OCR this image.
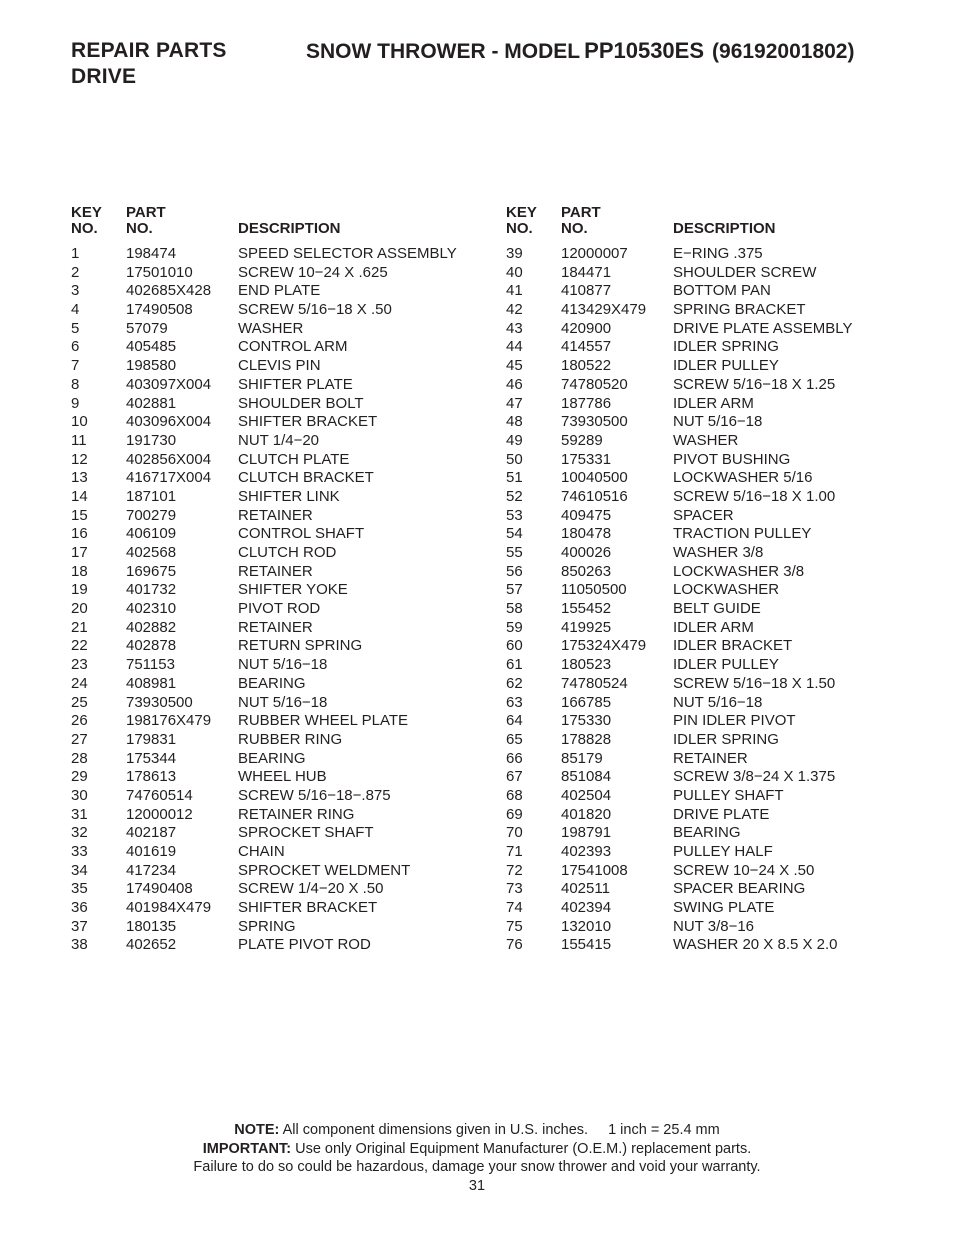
REPAIR PARTS
DRIVE
SNOW THROWER - MODEL PP10530ES (96192001802)
KEY
NO.
PART
NO.	DESCRIPTION
1	198474	SPEED SELECTOR ASSEMBLY
2	17501010	SCREW 10−24 X .625
3	402685X428 END PLATE
4	17490508	SCREW 5/16−18 X .50
5	57079	WASHER
6	405485	CONTROL ARM
7	198580	CLEVIS PIN
8	403097X004 SHIFTER PLATE
9	402881	SHOULDER BOLT
10	403096X004 SHIFTER BRACKET
11	191730	NUT 1/4−20
12	402856X004 CLUTCH PLATE
13	416717X004 CLUTCH BRACKET
14	187101	SHIFTER LINK
15	700279	RETAINER
16	406109	CONTROL SHAFT
17	402568	CLUTCH ROD
18	169675	RETAINER
19	401732	SHIFTER YOKE
20	402310	PIVOT ROD
21	402882	RETAINER
22	402878	RETURN SPRING
23	751153	NUT 5/16−18
24	408981	BEARING
25	73930500	NUT 5/16−18
26	198176X479 RUBBER WHEEL PLATE
27	179831	RUBBER RING
28	175344	BEARING
29	178613	WHEEL HUB
30	74760514	SCREW 5/16−18−.875
31	12000012	RETAINER RING
32	402187	SPROCKET SHAFT
33	401619	CHAIN
34	417234	SPROCKET WELDMENT
35	17490408	SCREW 1/4−20 X .50
36	401984X479 SHIFTER BRACKET
37	180135	SPRING
38	402652	PLATE PIVOT ROD
KEY
NO.
PART
NO.	DESCRIPTION
39	12000007	E−RING .375
40	184471	SHOULDER SCREW
41	410877	BOTTOM PAN
42	413429X479 SPRING BRACKET
43	420900	DRIVE PLATE ASSEMBLY
44	414557	IDLER SPRING
45	180522	IDLER PULLEY
46	74780520	SCREW 5/16−18 X 1.25
47	187786	IDLER ARM
48	73930500	NUT 5/16−18
49	59289	WASHER
50	175331	PIVOT BUSHING
51	10040500	LOCKWASHER 5/16
52	74610516	SCREW 5/16−18 X 1.00
53	409475	SPACER
54	180478	TRACTION PULLEY
55	400026	WASHER 3/8
56	850263	LOCKWASHER 3/8
57	11050500	LOCKWASHER
58	155452	BELT GUIDE
59	419925	IDLER ARM
60	175324X479 IDLER BRACKET
61	180523	IDLER PULLEY
62	74780524	SCREW 5/16−18 X 1.50
63	166785	NUT 5/16−18
64	175330	PIN IDLER PIVOT
65	178828	IDLER SPRING
66	85179	RETAINER
67	851084	SCREW 3/8−24 X 1.375
68	402504	PULLEY SHAFT
69	401820	DRIVE PLATE
70	198791	BEARING
71	402393	PULLEY HALF
72	17541008	SCREW 10−24 X .50
73	402511	SPACER BEARING
74	402394	SWING PLATE
75	132010	NUT 3/8−16
76	155415	WASHER 20 X 8.5 X 2.0
NOTE: All component dimensions given in U.S. inches. 1 inch = 25.4 mm
IMPORTANT: Use only Original Equipment Manufacturer (O.E.M.) replacement parts.
Failure to do so could be hazardous, damage your snow thrower and void your warranty.
31
